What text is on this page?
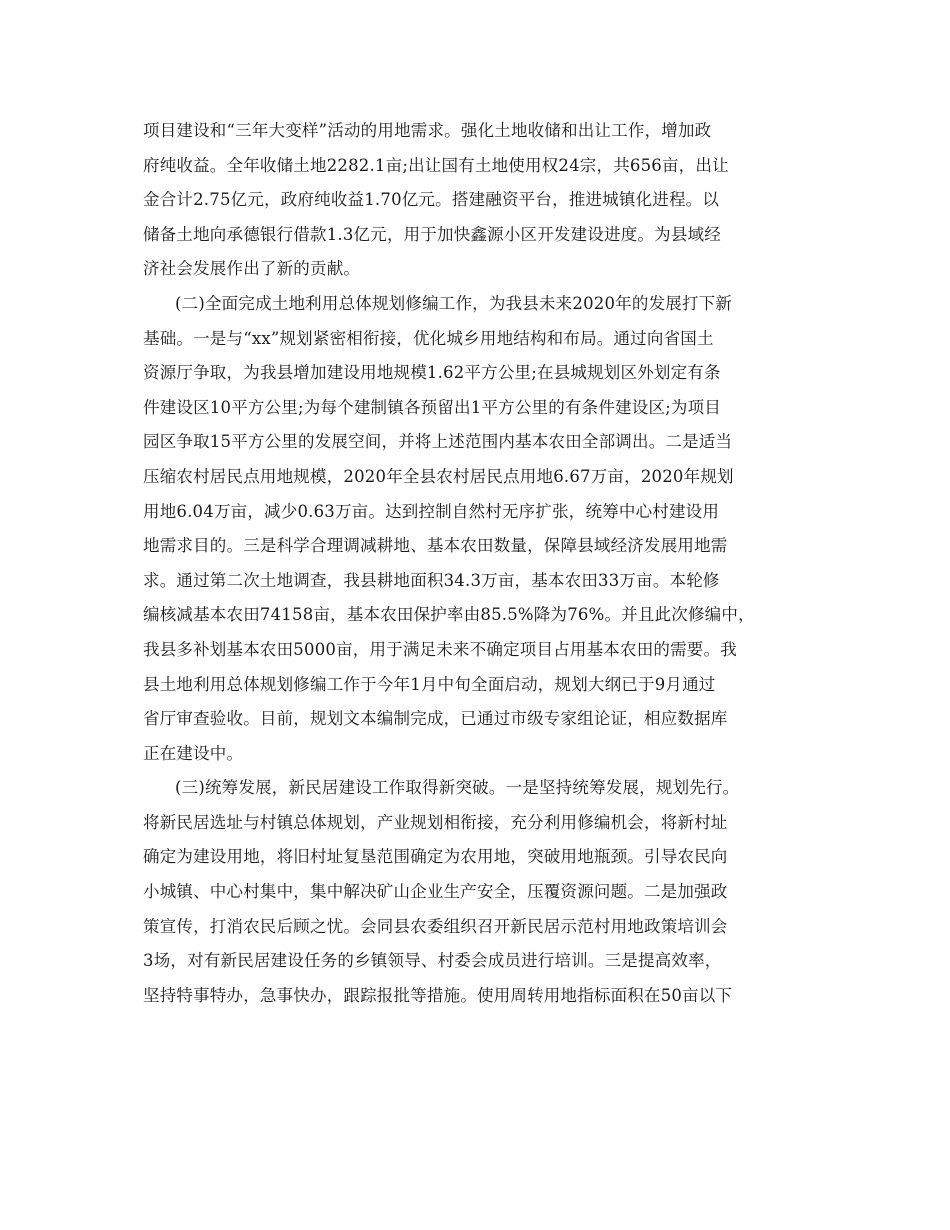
项目建设和“三年大变样”活动的用地需求。强化土地收储和出让工作，增加政
府纯收益。全年收储土地2282.1亩;出让国有土地使用权24宗，共656亩，出让
金合计2.75亿元，政府纯收益1.70亿元。搭建融资平台，推进城镇化进程。以
储备土地向承德银行借款1.3亿元，用于加快鑫源小区开发建设进度。为县域经
济社会发展作出了新的贡献。
(二)全面完成土地利用总体规划修编工作，为我县未来2020年的发展打下新
基础。一是与“xx”规划紧密相衔接，优化城乡用地结构和布局。通过向省国土
资源厅争取，为我县增加建设用地规模1.62平方公里;在县城规划区外划定有条
件建设区10平方公里;为每个建制镇各预留出1平方公里的有条件建设区;为项目
园区争取15平方公里的发展空间，并将上述范围内基本农田全部调出。二是适当
压缩农村居民点用地规模，2020年全县农村居民点用地6.67万亩，2020年规划
用地6.04万亩，减少0.63万亩。达到控制自然村无序扩张，统筹中心村建设用
地需求目的。三是科学合理调减耕地、基本农田数量，保障县域经济发展用地需
求。通过第二次土地调查，我县耕地面积34.3万亩，基本农田33万亩。本轮修
编核减基本农田74158亩，基本农田保护率由85.5%降为76%。并且此次修编中，
我县多补划基本农田5000亩，用于满足未来不确定项目占用基本农田的需要。我
县土地利用总体规划修编工作于今年1月中旬全面启动，规划大纲已于9月通过
省厅审查验收。目前，规划文本编制完成，已通过市级专家组论证，相应数据库
正在建设中。
(三)统筹发展，新民居建设工作取得新突破。一是坚持统筹发展，规划先行。
将新民居选址与村镇总体规划，产业规划相衔接，充分利用修编机会，将新村址
确定为建设用地，将旧村址复垦范围确定为农用地，突破用地瓶颈。引导农民向
小城镇、中心村集中，集中解决矿山企业生产安全，压覆资源问题。二是加强政
策宣传，打消农民后顾之忧。会同县农委组织召开新民居示范村用地政策培训会
3场，对有新民居建设任务的乡镇领导、村委会成员进行培训。三是提高效率，
坚持特事特办，急事快办，跟踪报批等措施。使用周转用地指标面积在50亩以下
